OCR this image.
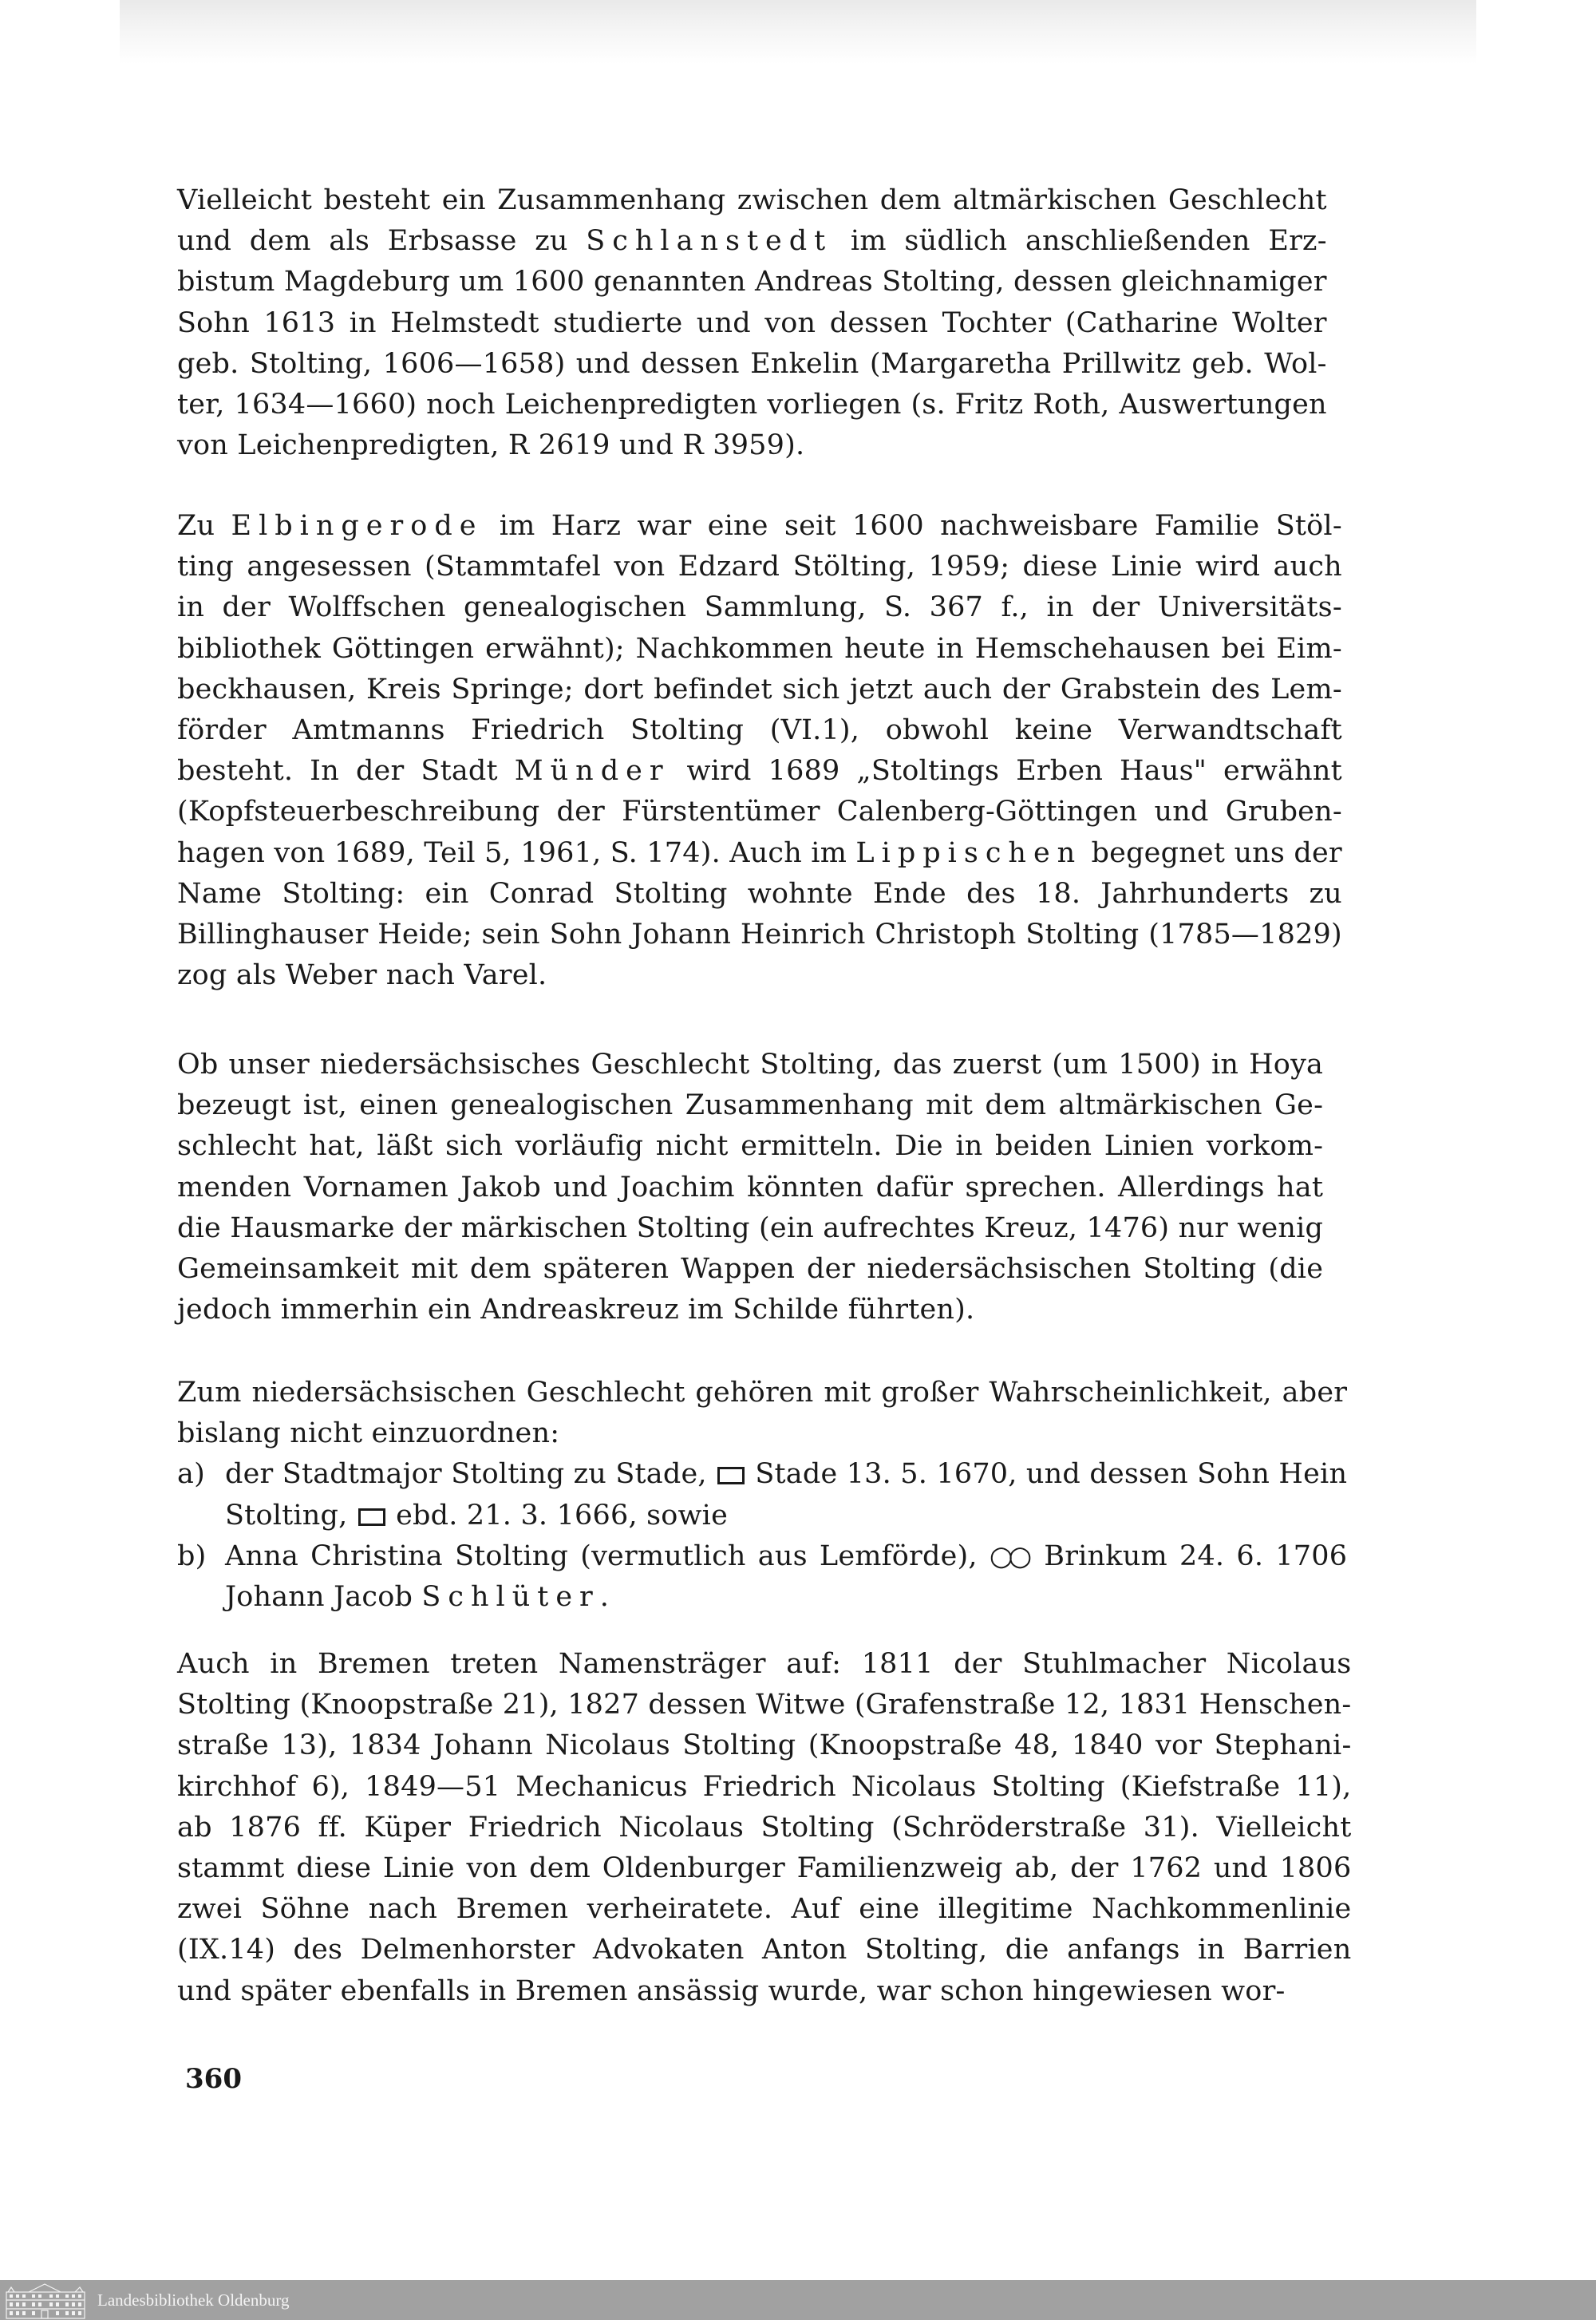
Vielleicht besteht ein Zusammenhang zwischen dem altmärkischen Geschlecht
und dem als Erbsasse zu Schlanstedt im südlich anschließenden Erz-
bistum Magdeburg um 1600 genannten Andreas Stolting, dessen gleichnamiger
Sohn 1613 in Helmstedt studierte und von dessen Tochter (Catharine Wolter
geb. Stolting, 1606—1658) und dessen Enkelin (Margaretha Prillwitz geb. Wol-
ter, 1634—1660) noch Leichenpredigten vorliegen (s. Fritz Roth, Auswertungen
von Leichenpredigten, R 2619 und R 3959).
Zu Elbingerode im Harz war eine seit 1600 nachweisbare Familie Stöl-
ting angesessen (Stammtafel von Edzard Stölting, 1959; diese Linie wird auch
in der Wolffschen genealogischen Sammlung, S. 367 f., in der Universitäts-
bibliothek Göttingen erwähnt); Nachkommen heute in Hemschehausen bei Eim-
beckhausen, Kreis Springe; dort befindet sich jetzt auch der Grabstein des Lem-
förder Amtmanns Friedrich Stolting (VI.1), obwohl keine Verwandtschaft
besteht. In der Stadt Münder wird 1689 „Stoltings Erben Haus" erwähnt
(Kopfsteuerbeschreibung der Fürstentümer Calenberg-Göttingen und Gruben-
hagen von 1689, Teil 5, 1961, S. 174). Auch im Lippischen begegnet uns der
Name Stolting: ein Conrad Stolting wohnte Ende des 18. Jahrhunderts zu
Billinghauser Heide; sein Sohn Johann Heinrich Christoph Stolting (1785—1829)
zog als Weber nach Varel.
Ob unser niedersächsisches Geschlecht Stolting, das zuerst (um 1500) in Hoya
bezeugt ist, einen genealogischen Zusammenhang mit dem altmärkischen Ge-
schlecht hat, läßt sich vorläufig nicht ermitteln. Die in beiden Linien vorkom-
menden Vornamen Jakob und Joachim könnten dafür sprechen. Allerdings hat
die Hausmarke der märkischen Stolting (ein aufrechtes Kreuz, 1476) nur wenig
Gemeinsamkeit mit dem späteren Wappen der niedersächsischen Stolting (die
jedoch immerhin ein Andreaskreuz im Schilde führten).
Zum niedersächsischen Geschlecht gehören mit großer Wahrscheinlichkeit, aber
bislang nicht einzuordnen:
a) der Stadtmajor Stolting zu Stade,  Stade 13. 5. 1670, und dessen Sohn Hein
Stolting,  ebd. 21. 3. 1666, sowie
b) Anna Christina Stolting (vermutlich aus Lemförde), ○○ Brinkum 24. 6. 1706
Johann Jacob Schlüter.
Auch in Bremen treten Namensträger auf: 1811 der Stuhlmacher Nicolaus
Stolting (Knoopstraße 21), 1827 dessen Witwe (Grafenstraße 12, 1831 Henschen-
straße 13), 1834 Johann Nicolaus Stolting (Knoopstraße 48, 1840 vor Stephani-
kirchhof 6), 1849—51 Mechanicus Friedrich Nicolaus Stolting (Kiefstraße 11),
ab 1876 ff. Küper Friedrich Nicolaus Stolting (Schröderstraße 31). Vielleicht
stammt diese Linie von dem Oldenburger Familienzweig ab, der 1762 und 1806
zwei Söhne nach Bremen verheiratete. Auf eine illegitime Nachkommenlinie
(IX.14) des Delmenhorster Advokaten Anton Stolting, die anfangs in Barrien
und später ebenfalls in Bremen ansässig wurde, war schon hingewiesen wor-
360
Landesbibliothek Oldenburg
